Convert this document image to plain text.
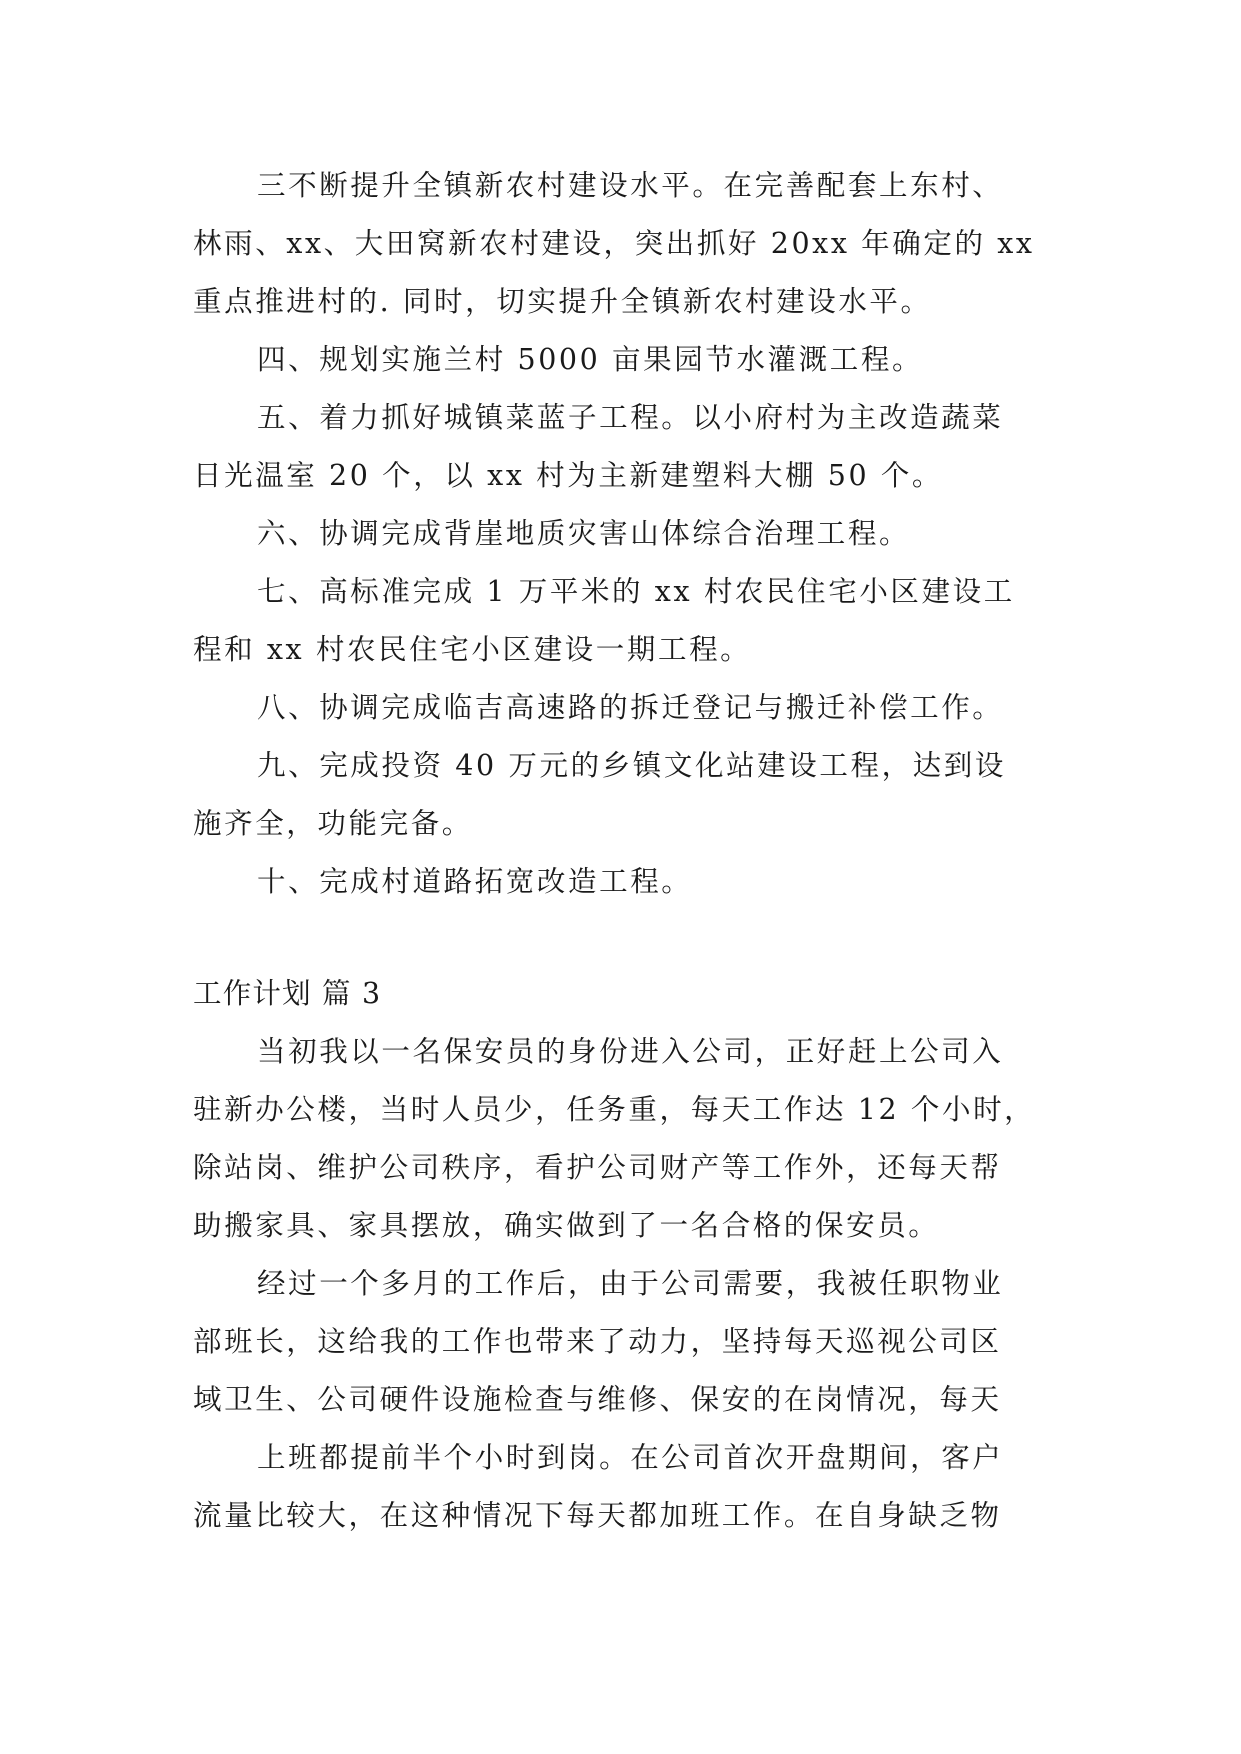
三不断提升全镇新农村建设水平。在完善配套上东村、
林雨、xx、大田窝新农村建设，突出抓好 20xx 年确定的 xx
重点推进村的. 同时，切实提升全镇新农村建设水平。
四、规划实施兰村 5000 亩果园节水灌溉工程。
五、着力抓好城镇菜蓝子工程。以小府村为主改造蔬菜
日光温室 20 个，以 xx 村为主新建塑料大棚 50 个。
六、协调完成背崖地质灾害山体综合治理工程。
七、高标准完成 1 万平米的 xx 村农民住宅小区建设工
程和 xx 村农民住宅小区建设一期工程。
八、协调完成临吉高速路的拆迁登记与搬迁补偿工作。
九、完成投资 40 万元的乡镇文化站建设工程，达到设
施齐全，功能完备。
十、完成村道路拓宽改造工程。
工作计划 篇 3
当初我以一名保安员的身份进入公司，正好赶上公司入
驻新办公楼，当时人员少，任务重，每天工作达 12 个小时，
除站岗、维护公司秩序，看护公司财产等工作外，还每天帮
助搬家具、家具摆放，确实做到了一名合格的保安员。
经过一个多月的工作后，由于公司需要，我被任职物业
部班长，这给我的工作也带来了动力，坚持每天巡视公司区
域卫生、公司硬件设施检查与维修、保安的在岗情况，每天
上班都提前半个小时到岗。在公司首次开盘期间，客户
流量比较大，在这种情况下每天都加班工作。在自身缺乏物
